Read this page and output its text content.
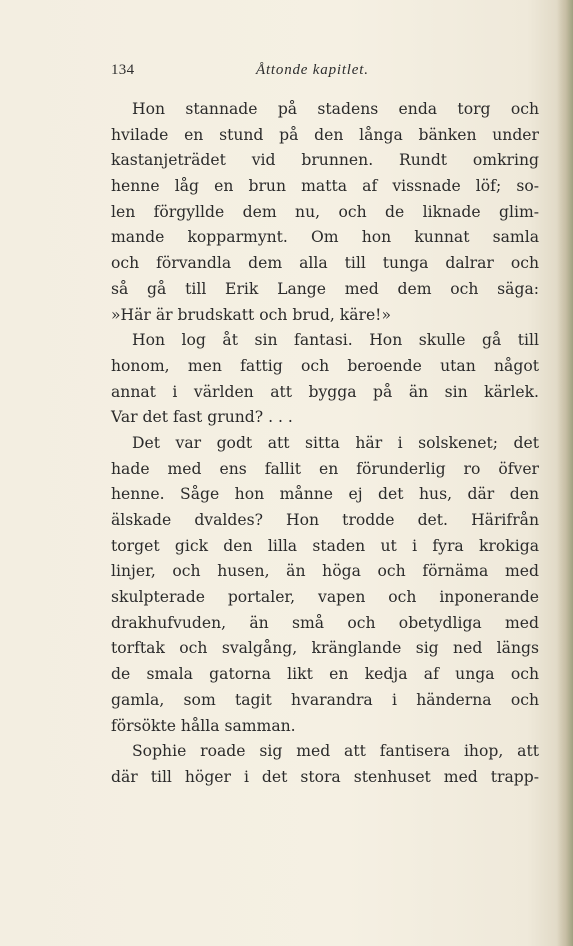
134	Åttonde kapitlet.
Hon stannade på stadens enda torg och
hvilade en stund på den långa bänken under
kastanjeträdet vid brunnen. Rundt omkring
henne låg en brun matta af vissnade löf; so-
len förgyllde dem nu, och de liknade glim-
mande kopparmynt. Om hon kunnat samla
och förvandla dem alla till tunga dalrar och
så gå till Erik Lange med dem och säga:
»Här är brudskatt och brud, käre!»
Hon log åt sin fantasi. Hon skulle gå till
honom, men fattig och beroende utan något
annat i världen att bygga på än sin kärlek.
Var det fast grund? . . .
Det var godt att sitta här i solskenet; det
hade med ens fallit en förunderlig ro öfver
henne. Såge hon månne ej det hus, där den
älskade dvaldes? Hon trodde det. Härifrån
torget gick den lilla staden ut i fyra krokiga
linjer, och husen, än höga och förnäma med
skulpterade portaler, vapen och inponerande
drakhufvuden, än små och obetydliga med
torftak och svalgång, kränglande sig ned längs
de smala gatorna likt en kedja af unga och
gamla, som tagit hvarandra i händerna och
försökte hålla samman.
Sophie roade sig med att fantisera ihop, att
där till höger i det stora stenhuset med trapp-
